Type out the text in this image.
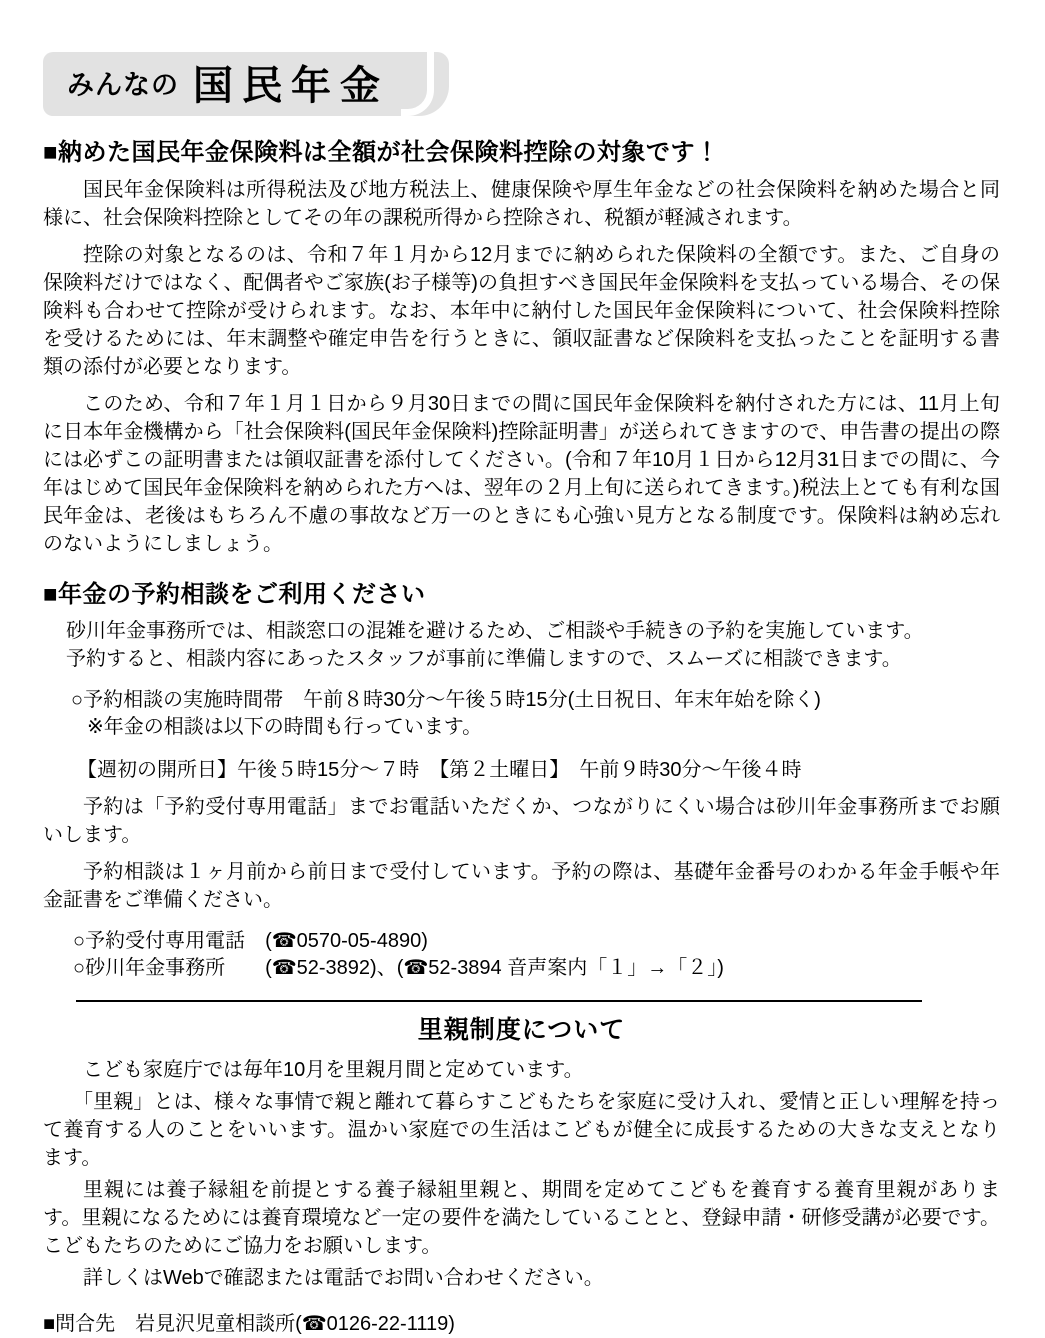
みんなの 国民年金
■納めた国民年金保険料は全額が社会保険料控除の対象です！

国民年金保険料は所得税法及び地方税法上、健康保険や厚生年金などの社会保険料を納めた場合と同様に、社会保険料控除としてその年の課税所得から控除され、税額が軽減されます。

控除の対象となるのは、令和７年１月から12月までに納められた保険料の全額です。また、ご自身の保険料だけではなく、配偶者やご家族(お子様等)の負担すべき国民年金保険料を支払っている場合、その保険料も合わせて控除が受けられます。なお、本年中に納付した国民年金保険料について、社会保険料控除を受けるためには、年末調整や確定申告を行うときに、領収証書など保険料を支払ったことを証明する書類の添付が必要となります。

このため、令和７年１月１日から９月30日までの間に国民年金保険料を納付された方には、11月上旬に日本年金機構から「社会保険料(国民年金保険料)控除証明書」が送られてきますので、申告書の提出の際には必ずこの証明書または領収証書を添付してください。(令和７年10月１日から12月31日までの間に、今年はじめて国民年金保険料を納められた方へは、翌年の２月上旬に送られてきます。)税法上とても有利な国民年金は、老後はもちろん不慮の事故など万一のときにも心強い見方となる制度です。保険料は納め忘れのないようにしましょう。

■年金の予約相談をご利用ください
砂川年金事務所では、相談窓口の混雑を避けるため、ご相談や手続きの予約を実施しています。
予約すると、相談内容にあったスタッフが事前に準備しますので、スムーズに相談できます。
○予約相談の実施時間帯　午前８時30分～午後５時15分(土日祝日、年末年始を除く)
※年金の相談は以下の時間も行っています。
【週初の開所日】午後５時15分～７時　【第２土曜日】　午前９時30分～午後４時

予約は「予約受付専用電話」までお電話いただくか、つながりにくい場合は砂川年金事務所までお願いします。

予約相談は１ヶ月前から前日まで受付しています。予約の際は、基礎年金番号のわかる年金手帳や年金証書をご準備ください。

○予約受付専用電話　(☎0570-05-4890)
○砂川年金事務所　　(☎52-3892)、(☎52-3894 音声案内「１」→「２」)
里親制度について

こども家庭庁では毎年10月を里親月間と定めています。

「里親」とは、様々な事情で親と離れて暮らすこどもたちを家庭に受け入れ、愛情と正しい理解を持って養育する人のことをいいます。温かい家庭での生活はこどもが健全に成長するための大きな支えとなります。

里親には養子縁組を前提とする養子縁組里親と、期間を定めてこどもを養育する養育里親があります。里親になるためには養育環境など一定の要件を満たしていることと、登録申請・研修受講が必要です。こどもたちのためにご協力をお願いします。

詳しくはWebで確認または電話でお問い合わせください。

■問合先　岩見沢児童相談所(☎0126-22-1119)
